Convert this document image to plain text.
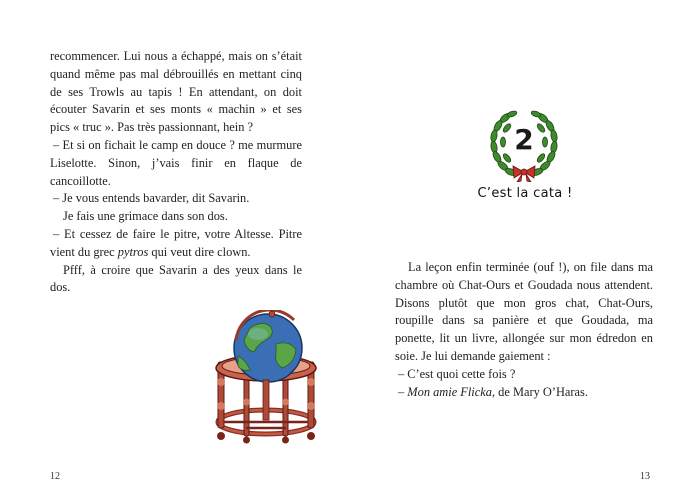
recommencer. Lui nous a échappé, mais on s’était quand même pas mal débrouillés en mettant cinq de ses Trowls au tapis ! En attendant, on doit écouter Savarin et ses monts « machin » et ses pics « truc ». Pas très passionnant, hein ?

– Et si on fichait le camp en douce ? me murmure Liselotte. Sinon, j’vais finir en flaque de cancoillotte.

– Je vous entends bavarder, dit Savarin.

Je fais une grimace dans son dos.

– Et cessez de faire le pitre, votre Altesse. Pitre vient du grec pytros qui veut dire clown.

Pfff, à croire que Savarin a des yeux dans le dos.

12
2
C’est la cata !

La leçon enfin terminée (ouf !), on file dans ma chambre où Chat-Ours et Goudada nous attendent. Disons plutôt que mon gros chat, Chat-Ours, roupille dans sa panière et que Goudada, ma ponette, lit un livre, allongée sur mon édredon en soie. Je lui demande gaiement :

– C’est quoi cette fois ?

– Mon amie Flicka, de Mary O’Haras.

13
